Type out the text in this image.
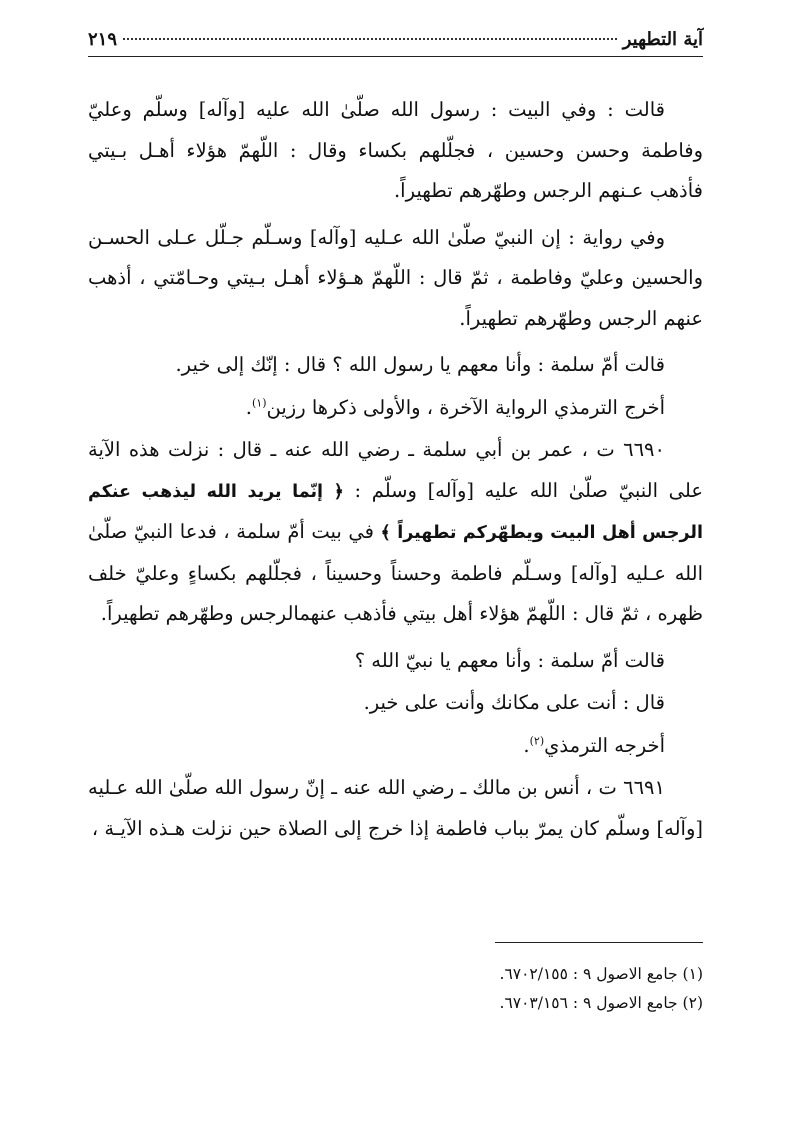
آية التطهير
٢١٩

قالت : وفي البيت : رسول الله صلّىٰ الله عليه [وآله] وسلّم وعليّ وفاطمة وحسن وحسين ، فجلّلهم بكساء وقال : اللّهمّ هؤلاء أهـل بـيتي فأذهب عـنهم الرجس وطهّرهم تطهيراً.

وفي رواية : إن النبيّ صلّىٰ الله عـليه [وآله] وسـلّم جـلّل عـلى الحسـن والحسين وعليّ وفاطمة ، ثمّ قال : اللّهمّ هـؤلاء أهـل بـيتي وحـامّتي ، أذهب عنهم الرجس وطهّرهم تطهيراً.

قالت أمّ سلمة : وأنا معهم يا رسول الله ؟ قال : إنّك إلى خير.

أخرج الترمذي الرواية الآخرة ، والأولى ذكرها رزين$^{(١)}$.

٦٦٩٠ ت ، عمر بن أبي سلمة ـ رضي الله عنه ـ قال : نزلت هذه الآية على النبيّ صلّىٰ الله عليه [وآله] وسلّم : ﴿ إنّما يريد الله ليذهب عنكم الرجس أهل البيت ويطهّركم تطهيراً ﴾ في بيت أمّ سلمة ، فدعا النبيّ صلّىٰ الله عـليه [وآله] وسـلّم فاطمة وحسناً وحسيناً ، فجلّلهم بكساءٍ وعليّ خلف ظهره ، ثمّ قال : اللّهمّ هؤلاء أهل بيتي فأذهب عنهمالرجس وطهّرهم تطهيراً.

قالت أمّ سلمة : وأنا معهم يا نبيّ الله ؟

قال : أنت على مكانك وأنت على خير.

أخرجه الترمذي$^{(٢)}$.

٦٦٩١ ت ، أنس بن مالك ـ رضي الله عنه ـ إنّ رسول الله صلّىٰ الله عـليه [وآله] وسلّم كان يمرّ بباب فاطمة إذا خرج إلى الصلاة حين نزلت هـذه الآيـة ،

(١) جامع الاصول ٩ : ٦٧٠٢/١٥٥.

(٢) جامع الاصول ٩ : ٦٧٠٣/١٥٦.
